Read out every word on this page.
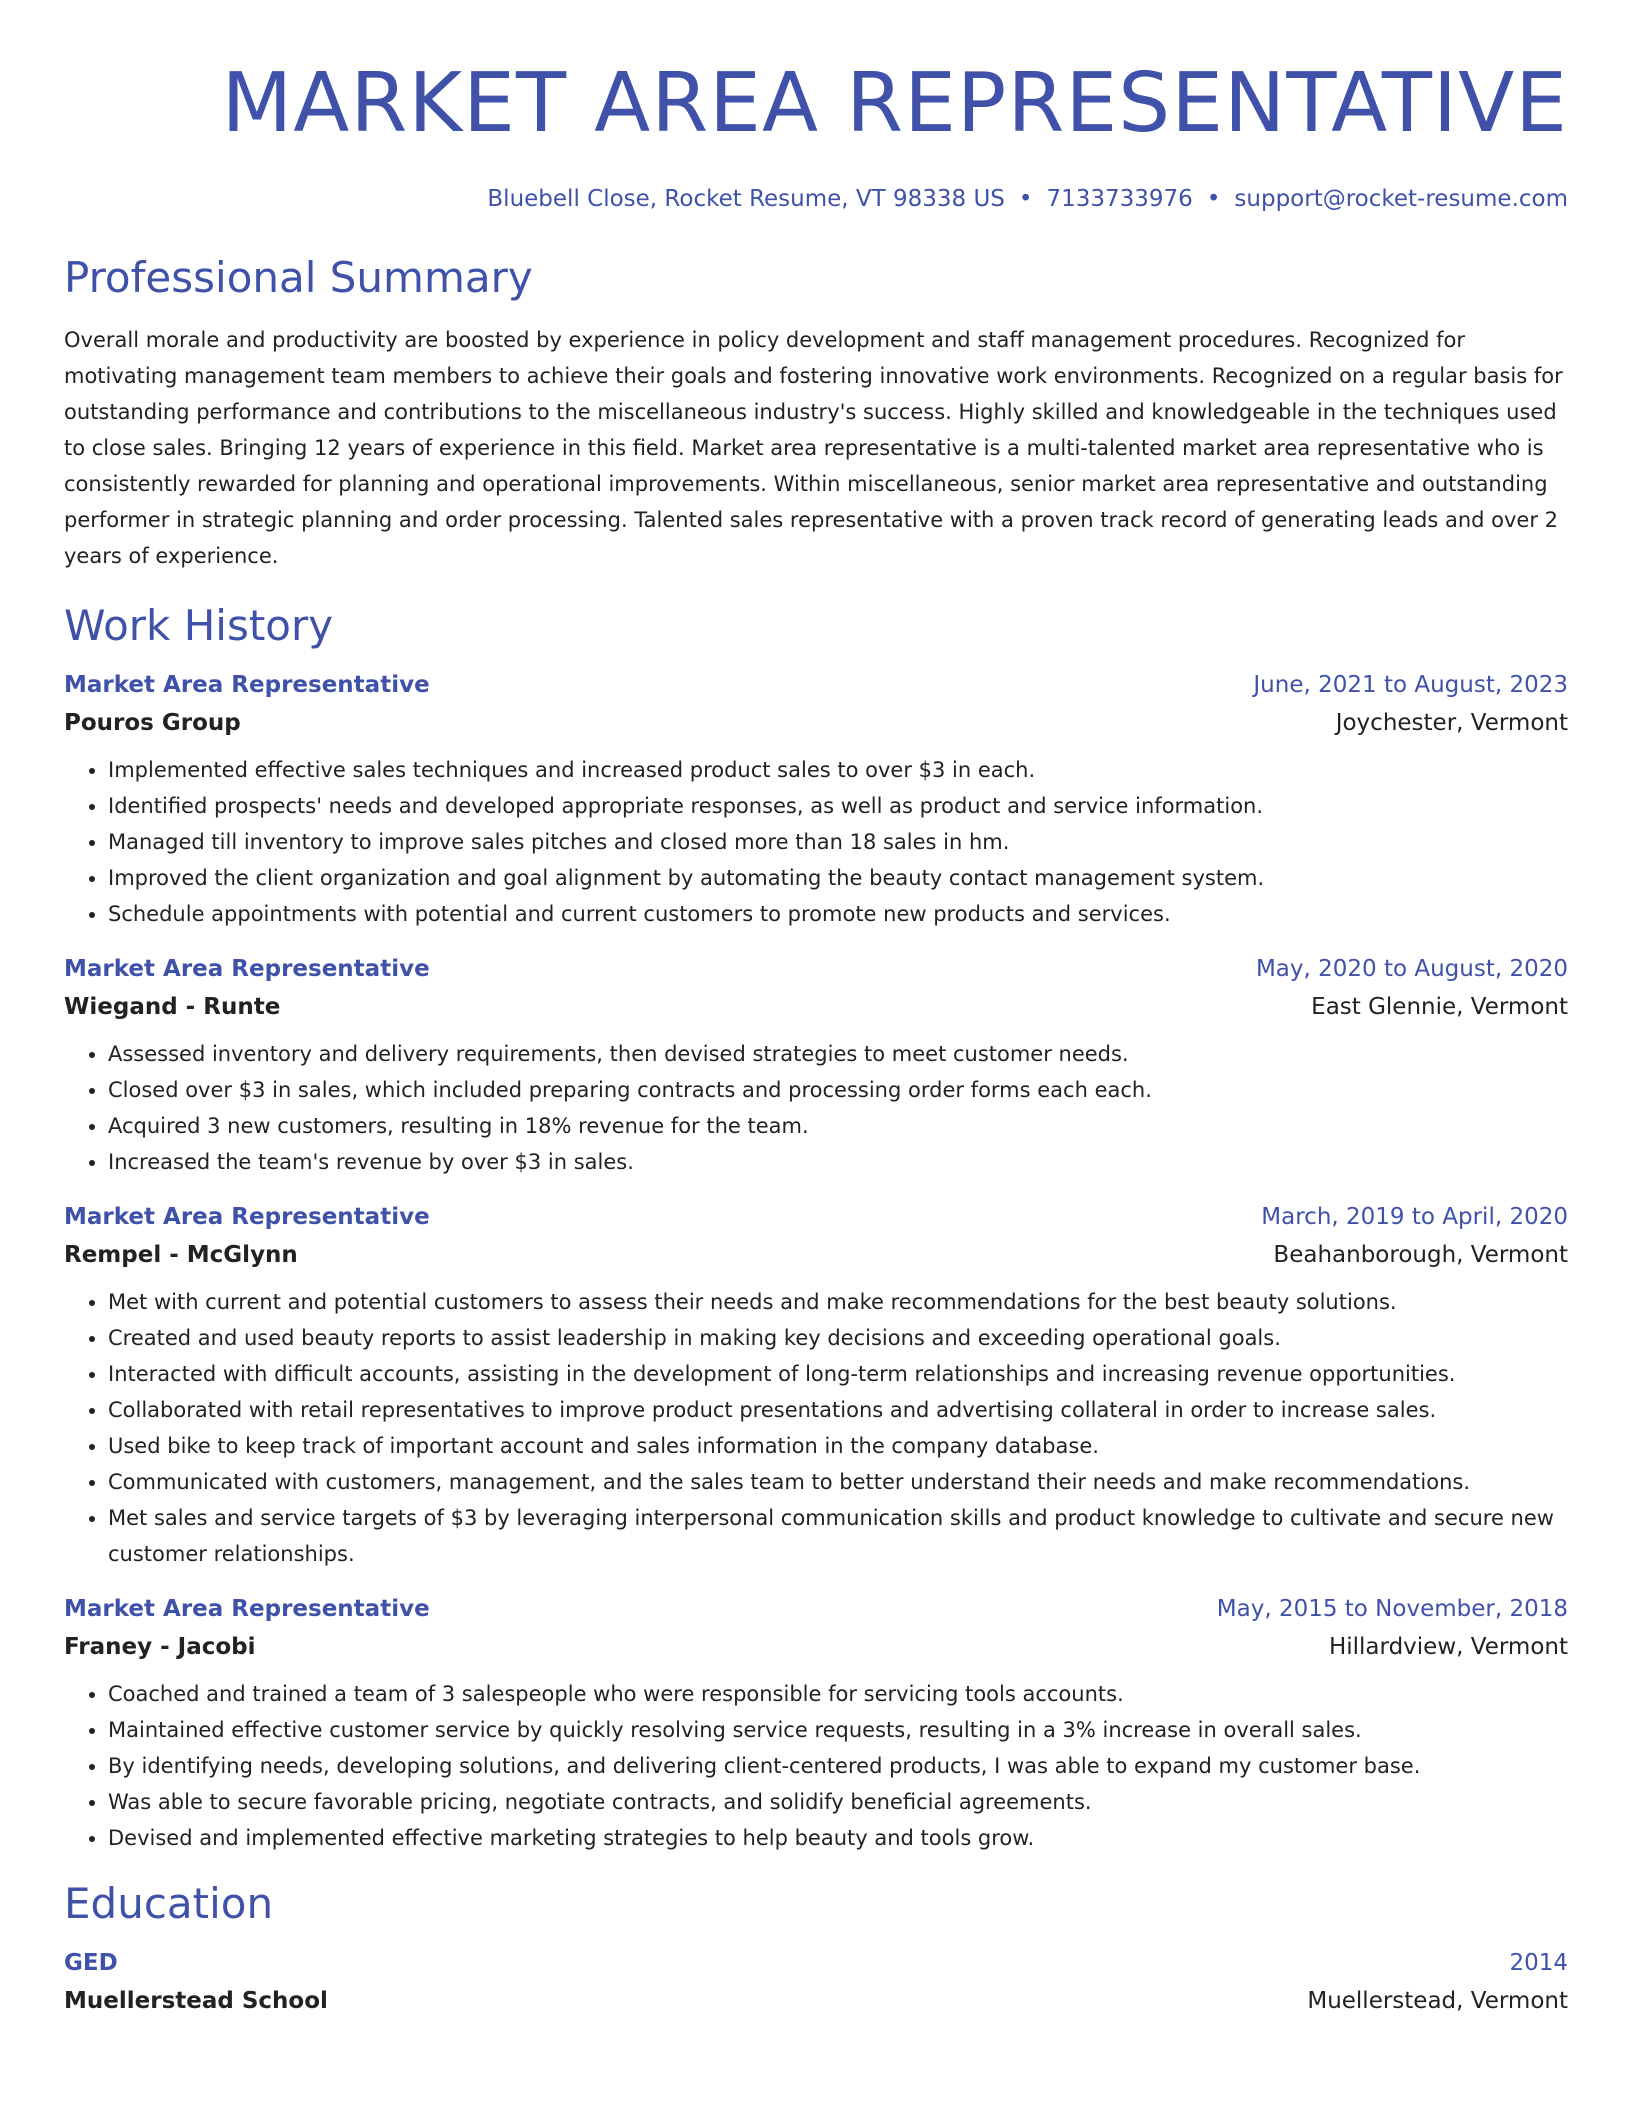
MARKET AREA REPRESENTATIVE
Bluebell Close, Rocket Resume, VT 98338 US • 7133733976 • support@rocket-resume.com
Professional Summary

Overall morale and productivity are boosted by experience in policy development and staff management procedures. Recognized for motivating management team members to achieve their goals and fostering innovative work environments. Recognized on a regular basis for outstanding performance and contributions to the miscellaneous industry's success. Highly skilled and knowledgeable in the techniques used to close sales. Bringing 12 years of experience in this field. Market area representative is a multi-talented market area representative who is consistently rewarded for planning and operational improvements. Within miscellaneous, senior market area representative and outstanding performer in strategic planning and order processing. Talented sales representative with a proven track record of generating leads and over 2 years of experience.

Work History
Market Area Representative	June, 2021 to August, 2023
Pouros Group	Joychester, Vermont
• Implemented effective sales techniques and increased product sales to over $3 in each.
• Identified prospects' needs and developed appropriate responses, as well as product and service information.
• Managed till inventory to improve sales pitches and closed more than 18 sales in hm.
• Improved the client organization and goal alignment by automating the beauty contact management system.
• Schedule appointments with potential and current customers to promote new products and services.
Market Area Representative	May, 2020 to August, 2020
Wiegand - Runte	East Glennie, Vermont
• Assessed inventory and delivery requirements, then devised strategies to meet customer needs.
• Closed over $3 in sales, which included preparing contracts and processing order forms each each.
• Acquired 3 new customers, resulting in 18% revenue for the team.
• Increased the team's revenue by over $3 in sales.
Market Area Representative	March, 2019 to April, 2020
Rempel - McGlynn	Beahanborough, Vermont
• Met with current and potential customers to assess their needs and make recommendations for the best beauty solutions.
• Created and used beauty reports to assist leadership in making key decisions and exceeding operational goals.
• Interacted with difficult accounts, assisting in the development of long-term relationships and increasing revenue opportunities.
• Collaborated with retail representatives to improve product presentations and advertising collateral in order to increase sales.
• Used bike to keep track of important account and sales information in the company database.
• Communicated with customers, management, and the sales team to better understand their needs and make recommendations.
• Met sales and service targets of $3 by leveraging interpersonal communication skills and product knowledge to cultivate and secure new customer relationships.
Market Area Representative	May, 2015 to November, 2018
Franey - Jacobi	Hillardview, Vermont
• Coached and trained a team of 3 salespeople who were responsible for servicing tools accounts.
• Maintained effective customer service by quickly resolving service requests, resulting in a 3% increase in overall sales.
• By identifying needs, developing solutions, and delivering client-centered products, I was able to expand my customer base.
• Was able to secure favorable pricing, negotiate contracts, and solidify beneficial agreements.
• Devised and implemented effective marketing strategies to help beauty and tools grow.
Education
GED	2014
Muellerstead School	Muellerstead, Vermont
